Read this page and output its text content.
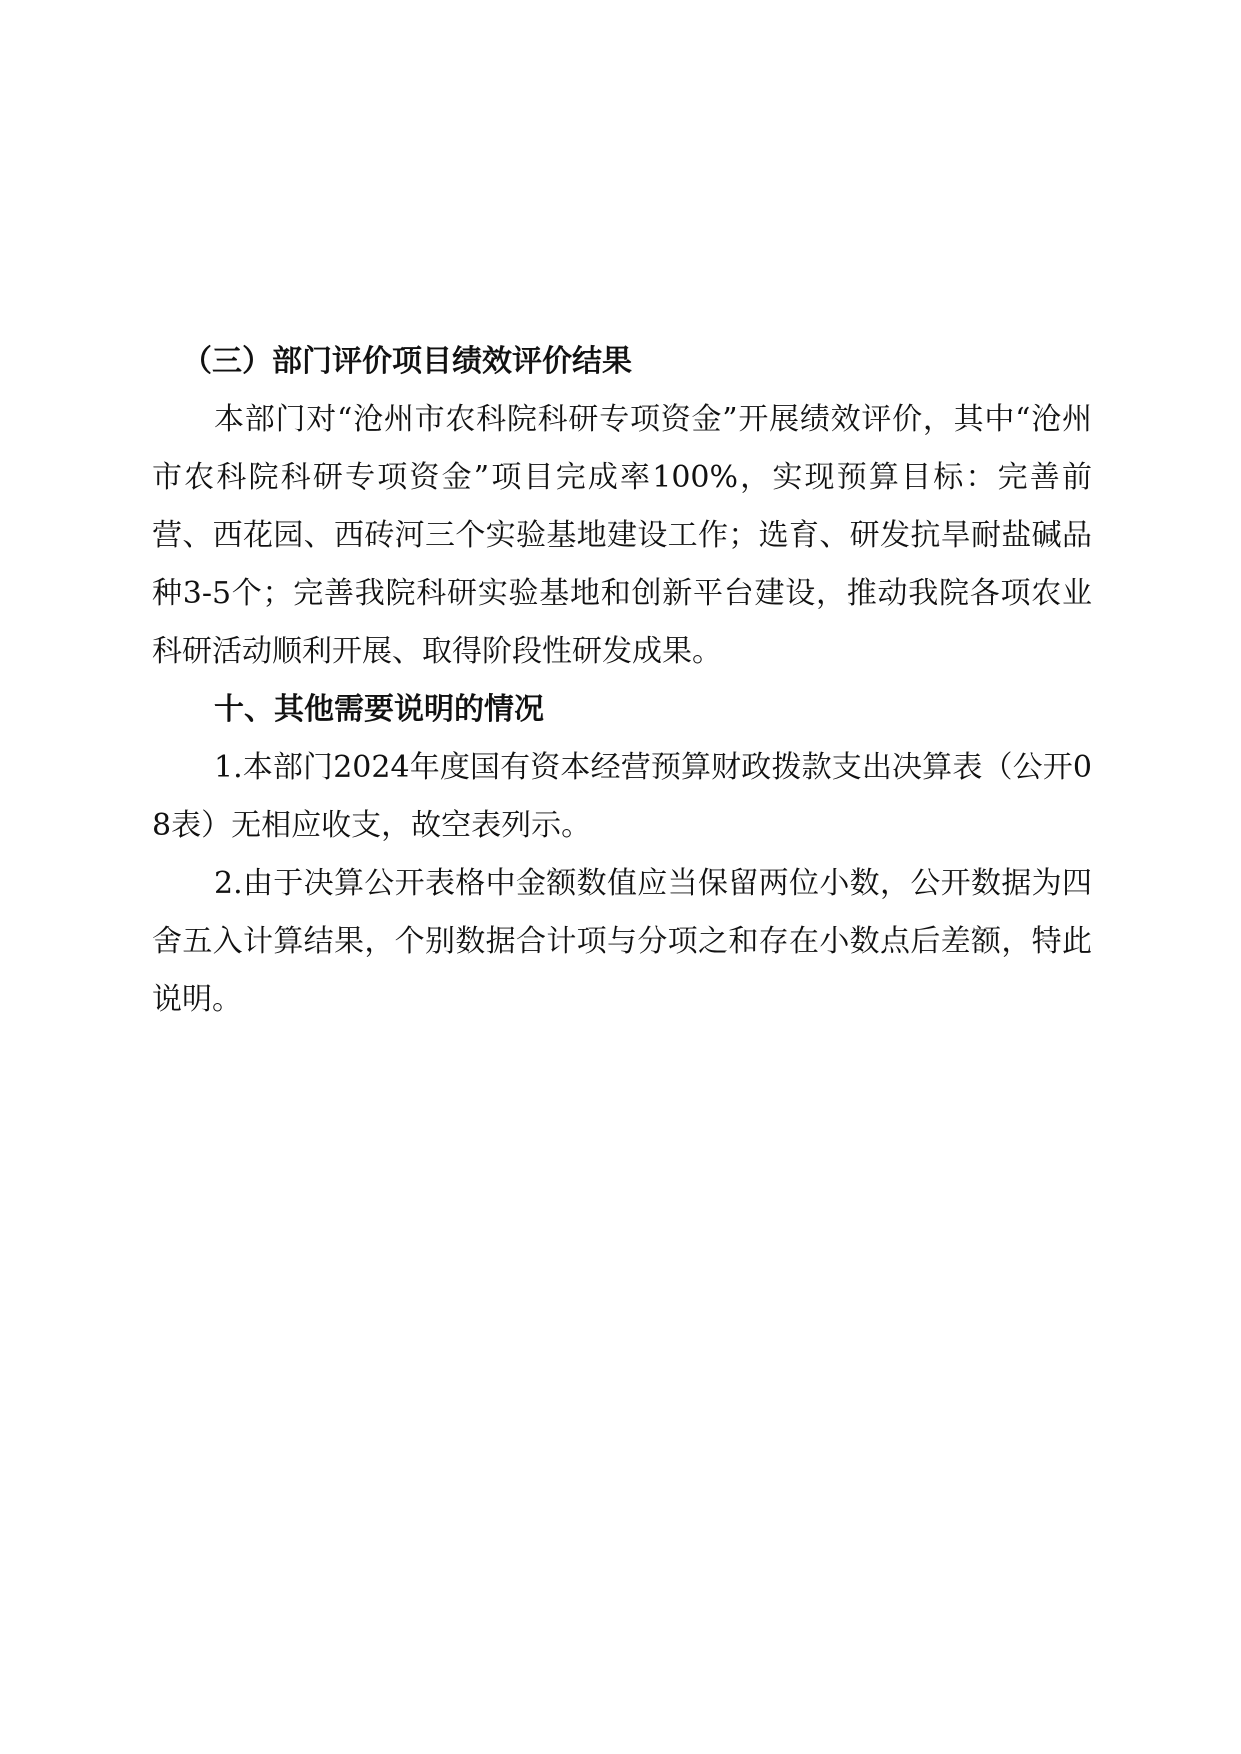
（三）部门评价项目绩效评价结果

本部门对“沧州市农科院科研专项资金”开展绩效评价，其中“沧州市农科院科研专项资金”项目完成率100%，实现预算目标：完善前营、西花园、西砖河三个实验基地建设工作；选育、研发抗旱耐盐碱品种3-5个；完善我院科研实验基地和创新平台建设，推动我院各项农业科研活动顺利开展、取得阶段性研发成果。

十、其他需要说明的情况

1.本部门2024年度国有资本经营预算财政拨款支出决算表（公开08表）无相应收支，故空表列示。

2.由于决算公开表格中金额数值应当保留两位小数，公开数据为四舍五入计算结果，个别数据合计项与分项之和存在小数点后差额，特此说明。
